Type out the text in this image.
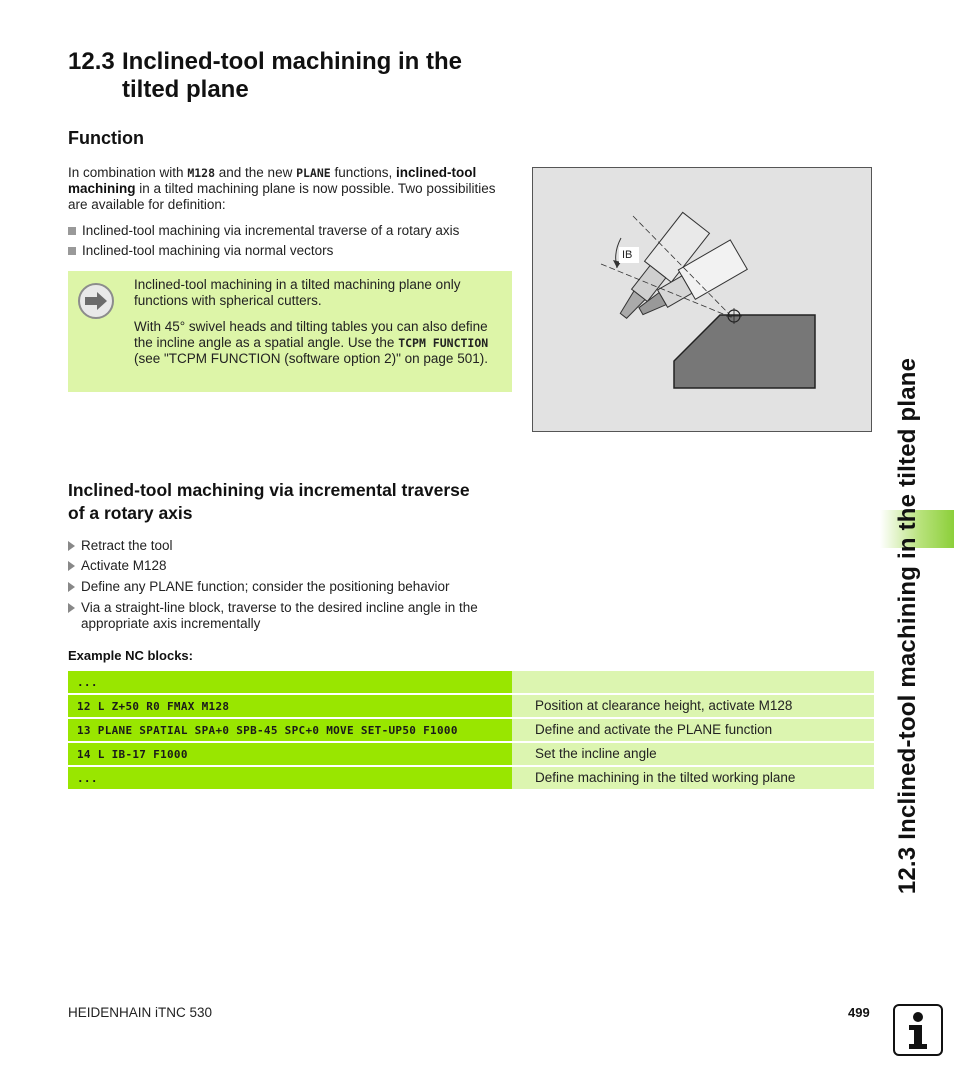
12.3 Inclined-tool machining in the
tilted plane
Function
In combination with M128 and the new PLANE functions, inclined-tool machining in a tilted machining plane is now possible. Two possibilities are available for definition:
Inclined-tool machining via incremental traverse of a rotary axis
Inclined-tool machining via normal vectors
Inclined-tool machining in a tilted machining plane only functions with spherical cutters.
With 45° swivel heads and tilting tables you can also define the incline angle as a spatial angle. Use the TCPM FUNCTION (see "TCPM FUNCTION (software option 2)" on page 501).
IB
12.3 Inclined-tool machining in the tilted plane
Inclined-tool machining via incremental traverse
of a rotary axis
Retract the tool
Activate M128
Define any PLANE function; consider the positioning behavior
Via a straight-line block, traverse to the desired incline angle in the appropriate axis incrementally
Example NC blocks:
...
12 L Z+50 R0 FMAX M128	Position at clearance height, activate M128
13 PLANE SPATIAL SPA+0 SPB-45 SPC+0 MOVE SET-UP50 F1000	Define and activate the PLANE function
14 L IB-17 F1000	Set the incline angle
...	Define machining in the tilted working plane
HEIDENHAIN iTNC 530	499
